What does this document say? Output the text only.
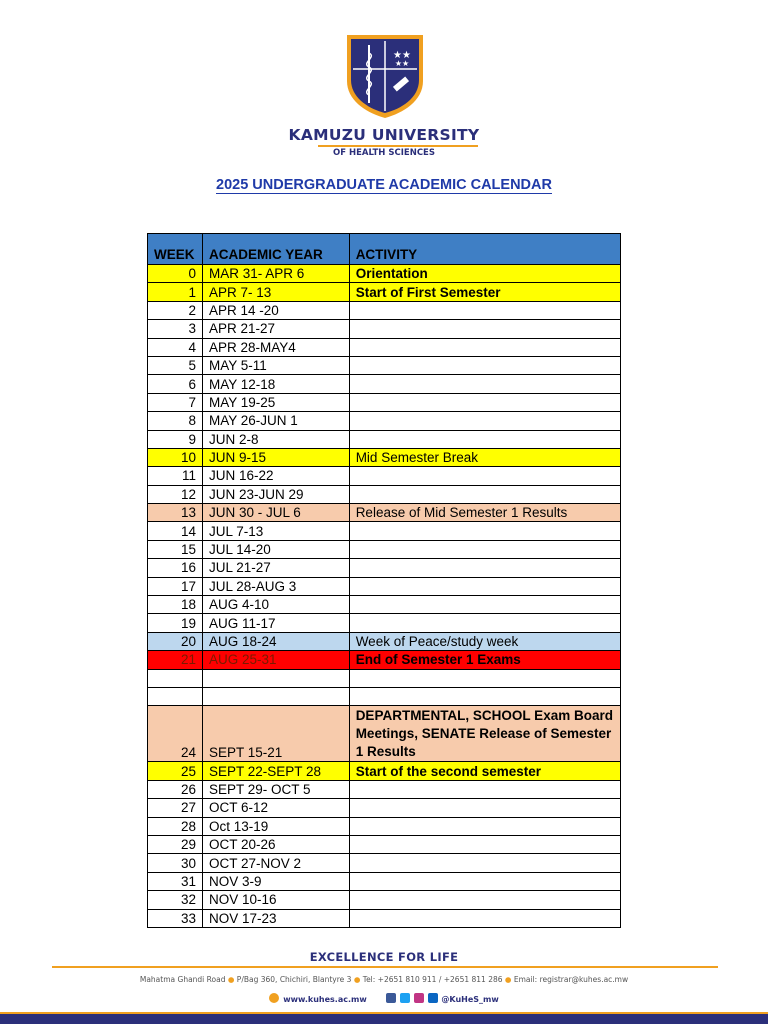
★★
★★
KAMUZU UNIVERSITY
OF HEALTH SCIENCES
2025 UNDERGRADUATE ACADEMIC CALENDAR
WEEK	ACADEMIC YEAR	ACTIVITY
0	MAR 31- APR 6	Orientation
1	APR 7- 13	Start of First Semester
2	APR 14 -20	
3	APR 21-27	
4	APR 28-MAY4	
5	MAY 5-11	
6	MAY 12-18	
7	MAY 19-25	
8	MAY 26-JUN 1	
9	JUN 2-8	
10	JUN 9-15	Mid Semester Break
11	JUN 16-22	
12	JUN 23-JUN 29	
13	JUN 30 - JUL 6	Release of Mid Semester 1 Results
14	JUL 7-13	
15	JUL 14-20	
16	JUL 21-27	
17	JUL 28-AUG 3	
18	AUG 4-10	
19	AUG 11-17	
20	AUG 18-24	Week of Peace/study week
21	AUG 25-31	End of Semester 1 Exams

24	SEPT 15-21	DEPARTMENTAL, SCHOOL Exam Board Meetings, SENATE Release of Semester 1 Results
25	SEPT 22-SEPT 28	Start of the second semester
26	SEPT 29- OCT 5	
27	OCT 6-12	
28	Oct 13-19	
29	OCT 20-26	
30	OCT 27-NOV 2	
31	NOV 3-9	
32	NOV 10-16	
33	NOV 17-23	
EXCELLENCE FOR LIFE
Mahatma Ghandi Road ● P/Bag 360, Chichiri, Blantyre 3 ● Tel: +2651 810 911 / +2651 811 286 ● Email: registrar@kuhes.ac.mw
www.kuhes.ac.mw	@KuHeS_mw
